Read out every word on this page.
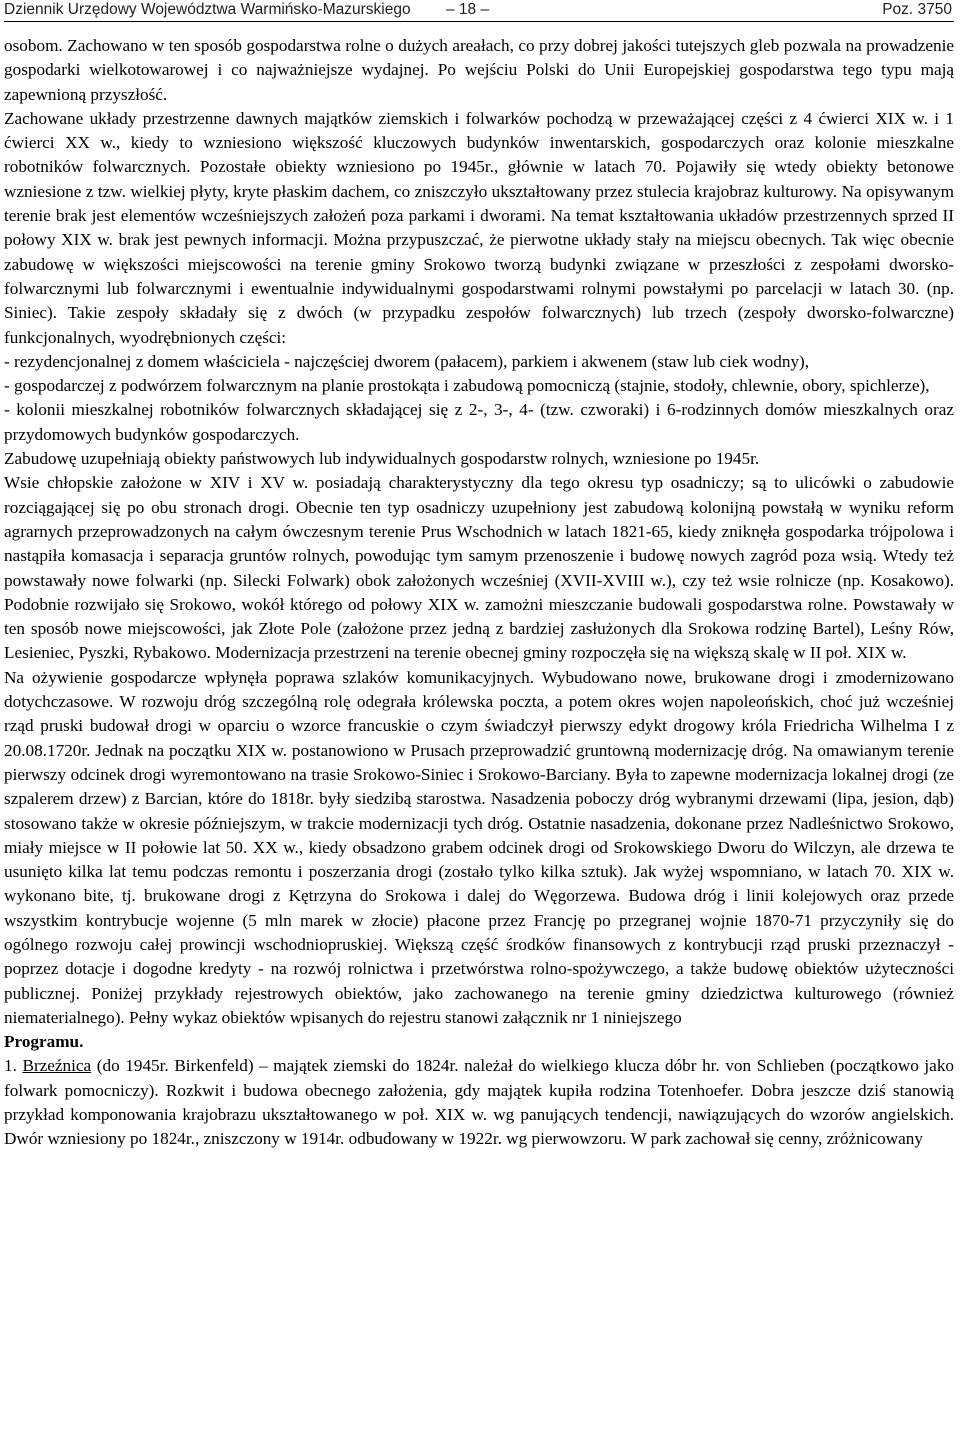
Dziennik Urzędowy Województwa Warmińsko-Mazurskiego – 18 –	Poz. 3750

osobom. Zachowano w ten sposób gospodarstwa rolne o dużych areałach, co przy dobrej jakości tutejszych gleb pozwala na prowadzenie gospodarki wielkotowarowej i co najważniejsze wydajnej. Po wejściu Polski do Unii Europejskiej gospodarstwa tego typu mają zapewnioną przyszłość.

Zachowane układy przestrzenne dawnych majątków ziemskich i folwarków pochodzą w przeważającej części z 4 ćwierci XIX w. i 1 ćwierci XX w., kiedy to wzniesiono większość kluczowych budynków inwentarskich, gospodarczych oraz kolonie mieszkalne robotników folwarcznych. Pozostałe obiekty wzniesiono po 1945r., głównie w latach 70. Pojawiły się wtedy obiekty betonowe wzniesione z tzw. wielkiej płyty, kryte płaskim dachem, co zniszczyło ukształtowany przez stulecia krajobraz kulturowy. Na opisywanym terenie brak jest elementów wcześniejszych założeń poza parkami i dworami. Na temat kształtowania układów przestrzennych sprzed II połowy XIX w. brak jest pewnych informacji. Można przypuszczać, że pierwotne układy stały na miejscu obecnych. Tak więc obecnie zabudowę w większości miejscowości na terenie gminy Srokowo tworzą budynki związane w przeszłości z zespołami dworsko-folwarcznymi lub folwarcznymi i ewentualnie indywidualnymi gospodarstwami rolnymi powstałymi po parcelacji w latach 30. (np. Siniec). Takie zespoły składały się z dwóch (w przypadku zespołów folwarcznych) lub trzech (zespoły dworsko-folwarczne) funkcjonalnych, wyodrębnionych części:

- rezydencjonalnej z domem właściciela - najczęściej dworem (pałacem), parkiem i akwenem (staw lub ciek wodny),

- gospodarczej z podwórzem folwarcznym na planie prostokąta i zabudową pomocniczą (stajnie, stodoły, chlewnie, obory, spichlerze),

- kolonii mieszkalnej robotników folwarcznych składającej się z 2-, 3-, 4- (tzw. czworaki) i 6-rodzinnych domów mieszkalnych oraz przydomowych budynków gospodarczych.

Zabudowę uzupełniają obiekty państwowych lub indywidualnych gospodarstw rolnych, wzniesione po 1945r.

Wsie chłopskie założone w XIV i XV w. posiadają charakterystyczny dla tego okresu typ osadniczy; są to ulicówki o zabudowie rozciągającej się po obu stronach drogi. Obecnie ten typ osadniczy uzupełniony jest zabudową kolonijną powstałą w wyniku reform agrarnych przeprowadzonych na całym ówczesnym terenie Prus Wschodnich w latach 1821-65, kiedy zniknęła gospodarka trójpolowa i nastąpiła komasacja i separacja gruntów rolnych, powodując tym samym przenoszenie i budowę nowych zagród poza wsią. Wtedy też powstawały nowe folwarki (np. Silecki Folwark) obok założonych wcześniej (XVII-XVIII w.), czy też wsie rolnicze (np. Kosakowo). Podobnie rozwijało się Srokowo, wokół którego od połowy XIX w. zamożni mieszczanie budowali gospodarstwa rolne. Powstawały w ten sposób nowe miejscowości, jak Złote Pole (założone przez jedną z bardziej zasłużonych dla Srokowa rodzinę Bartel), Leśny Rów, Lesieniec, Pyszki, Rybakowo. Modernizacja przestrzeni na terenie obecnej gminy rozpoczęła się na większą skalę w II poł. XIX w.

Na ożywienie gospodarcze wpłynęła poprawa szlaków komunikacyjnych. Wybudowano nowe, brukowane drogi i zmodernizowano dotychczasowe. W rozwoju dróg szczególną rolę odegrała królewska poczta, a potem okres wojen napoleońskich, choć już wcześniej rząd pruski budował drogi w oparciu o wzorce francuskie o czym świadczył pierwszy edykt drogowy króla Friedricha Wilhelma I z 20.08.1720r. Jednak na początku XIX w. postanowiono w Prusach przeprowadzić gruntowną modernizację dróg. Na omawianym terenie pierwszy odcinek drogi wyremontowano na trasie Srokowo-Siniec i Srokowo-Barciany. Była to zapewne modernizacja lokalnej drogi (ze szpalerem drzew) z Barcian, które do 1818r. były siedzibą starostwa. Nasadzenia poboczy dróg wybranymi drzewami (lipa, jesion, dąb) stosowano także w okresie późniejszym, w trakcie modernizacji tych dróg. Ostatnie nasadzenia, dokonane przez Nadleśnictwo Srokowo, miały miejsce w II połowie lat 50. XX w., kiedy obsadzono grabem odcinek drogi od Srokowskiego Dworu do Wilczyn, ale drzewa te usunięto kilka lat temu podczas remontu i poszerzania drogi (zostało tylko kilka sztuk). Jak wyżej wspomniano, w latach 70. XIX w. wykonano bite, tj. brukowane drogi z Kętrzyna do Srokowa i dalej do Węgorzewa. Budowa dróg i linii kolejowych oraz przede wszystkim kontrybucje wojenne (5 mln marek w złocie) płacone przez Francję po przegranej wojnie 1870-71 przyczyniły się do ogólnego rozwoju całej prowincji wschodniopruskiej. Większą część środków finansowych z kontrybucji rząd pruski przeznaczył - poprzez dotacje i dogodne kredyty - na rozwój rolnictwa i przetwórstwa rolno-spożywczego, a także budowę obiektów użyteczności publicznej. Poniżej przykłady rejestrowych obiektów, jako zachowanego na terenie gminy dziedzictwa kulturowego (również niematerialnego). Pełny wykaz obiektów wpisanych do rejestru stanowi załącznik nr 1 niniejszego

Programu.

1. Brzeźnica (do 1945r. Birkenfeld) – majątek ziemski do 1824r. należał do wielkiego klucza dóbr hr. von Schlieben (początkowo jako folwark pomocniczy). Rozkwit i budowa obecnego założenia, gdy majątek kupiła rodzina Totenhoefer. Dobra jeszcze dziś stanowią przykład komponowania krajobrazu ukształtowanego w poł. XIX w. wg panujących tendencji, nawiązujących do wzorów angielskich. Dwór wzniesiony po 1824r., zniszczony w 1914r. odbudowany w 1922r. wg pierwowzoru. W park zachował się cenny, zróżnicowany
